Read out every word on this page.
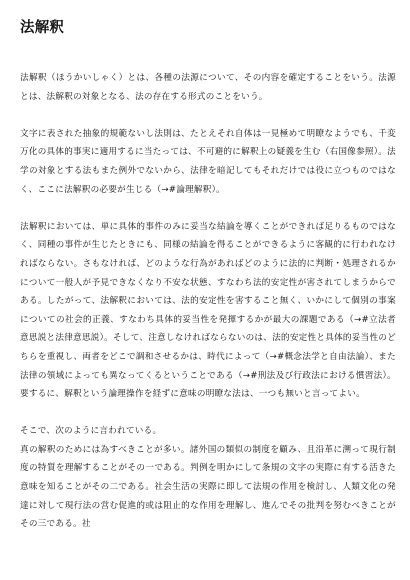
法解釈

法解釈（ほうかいしゃく）とは、各種の法源について、その内容を確定することをいう。法源とは、法解釈の対象となる、法の存在する形式のことをいう。

文字に表された抽象的規範ないし法則は、たとえそれ自体は一見極めて明瞭なようでも、千変万化の具体的事実に適用するに当たっては、不可避的に解釈上の疑義を生む（右国像参照）。法学の対象とする法もまた例外でないから、法律を暗記してもそれだけでは役に立つものではなく、ここに法解釈の必要が生じる（→#論理解釈）。

法解釈においては、単に具体的事件のみに妥当な結論を導くことができれば足りるものではなく、同種の事件が生じたときにも、同様の結論を得ることができるように客観的に行われなければならない。さもなければ、どのような行為があればどのように法的に判断・処理されるかについて一般人が予見できなくなり不安な状態、すなわち法的安定性が害されてしまうからである。したがって、法解釈においては、法的安定性を害すること無く、いかにして個別の事案についての社会的正義、すなわち具体的妥当性を発揮するかが最大の課題である（→#立法者意思説と法律意思説）。そして、注意しなければならないのは、法的安定性と具体的妥当性のどちらを重視し、両者をどこで調和させるかは、時代によって（→#概念法学と自由法論）、また法律の領域によっても異なってくるということである（→#刑法及び行政法における慣習法）。要するに、解釈という論理操作を経ずに意味の明瞭な法は、一つも無いと言ってよい。

そこで、次のように言われている。

真の解釈のためには為すべきことが多い。諸外国の類似の制度を顧み、且沿革に溯って現行制度の特質を理解することがその一である。判例を明かにして条規の文字の実際に有する活きた意味を知ることがその二である。社会生活の実際に即して法規の作用を検討し、人類文化の発達に対して現行法の営む促進的或は阻止的な作用を理解し、進んでその批判を努むべきことがその三である。社
